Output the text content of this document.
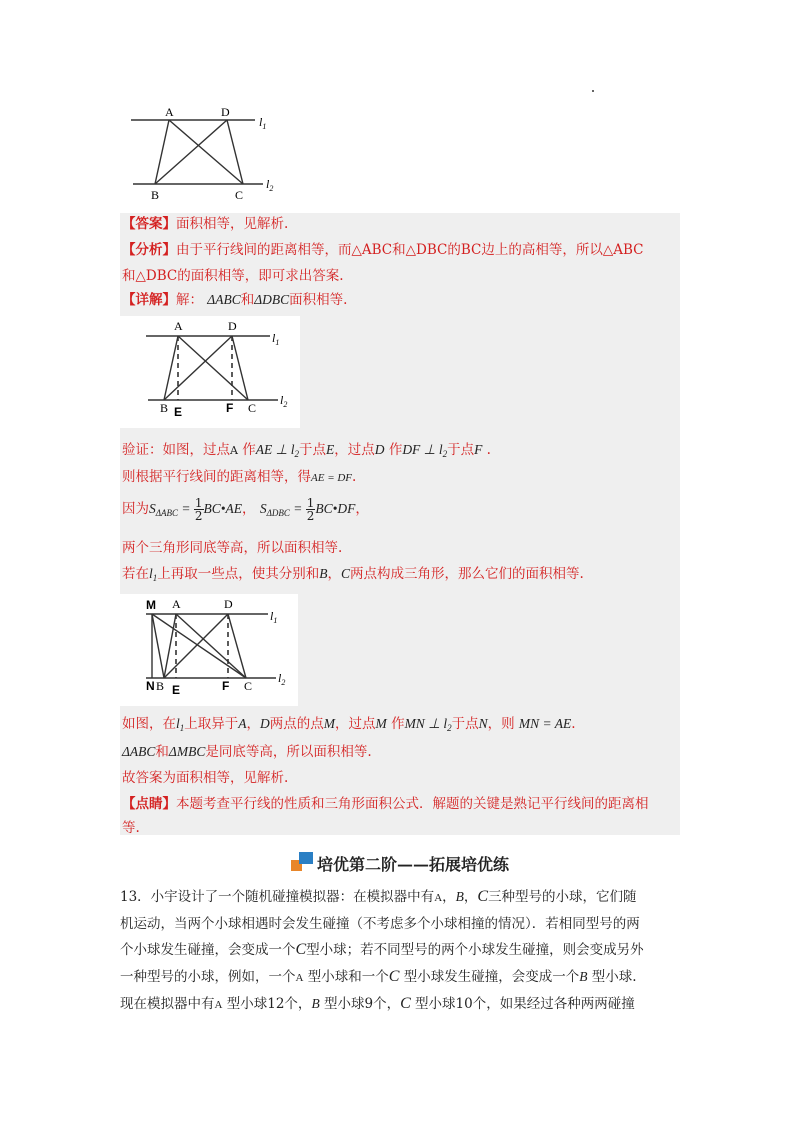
A	D
B	C
$l_1$
$l_2$
【答案】面积相等，见解析.
【分析】由于平行线间的距离相等，而△ABC和△DBC的BC边上的高相等，所以△ABC
和△DBC的面积相等，即可求出答案.
【详解】解： ΔABC和ΔDBC面积相等.
A	D
B E	F C
$l_1$
$l_2$
验证：如图，过点A 作AE ⊥ $l_2$于点E，过点D 作DF ⊥ $l_2$于点F .
则根据平行线间的距离相等，得AE = DF.
因为$S_{\Delta ABC} = \frac{1}{2}$ BC•AE， $S_{\Delta DBC} = \frac{1}{2}$ BC•DF，
两个三角形同底等高，所以面积相等.
若在$l_1$上再取一些点，使其分别和B，C两点构成三角形，那么它们的面积相等.
M A	D
N B E	F C
$l_1$
$l_2$
如图，在$l_1$上取异于A，D两点的点M，过点M 作MN ⊥ $l_2$于点N，则 MN = AE.
ΔABC和ΔMBC是同底等高，所以面积相等.
故答案为面积相等，见解析.
【点睛】本题考查平行线的性质和三角形面积公式．解题的关键是熟记平行线间的距离相
等.
培优第二阶——拓展培优练
13．小宇设计了一个随机碰撞模拟器：在模拟器中有A，B，C三种型号的小球，它们随
机运动，当两个小球相遇时会发生碰撞（不考虑多个小球相撞的情况）．若相同型号的两
个小球发生碰撞，会变成一个C型小球；若不同型号的两个小球发生碰撞，则会变成另外
一种型号的小球，例如，一个A 型小球和一个C 型小球发生碰撞，会变成一个B 型小球.
现在模拟器中有A 型小球12个，B 型小球9个，C 型小球10个，如果经过各种两两碰撞
